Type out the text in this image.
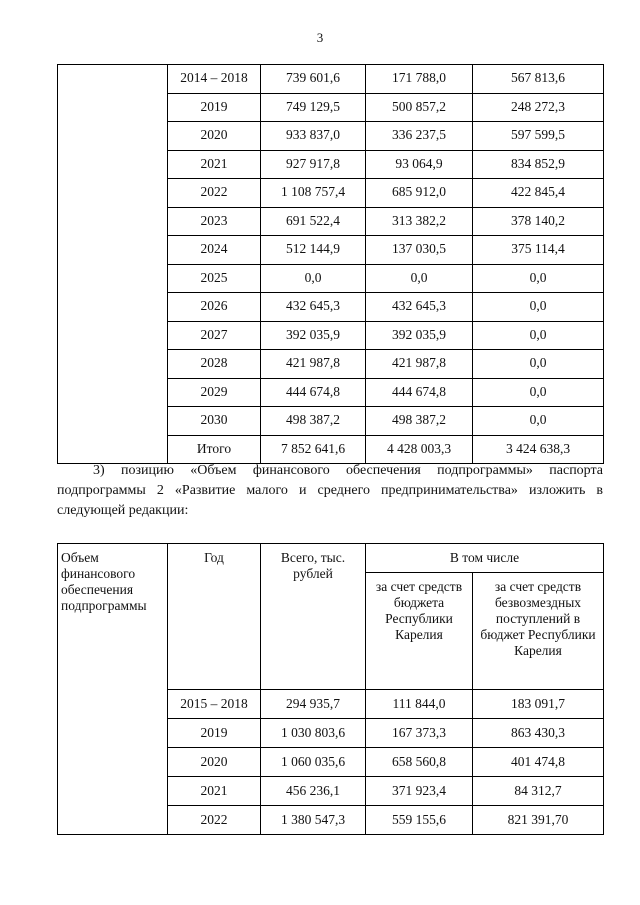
3
	2014 – 2018	739 601,6	171 788,0	567 813,6
	2019	749 129,5	500 857,2	248 272,3
	2020	933 837,0	336 237,5	597 599,5
	2021	927 917,8	93 064,9	834 852,9
	2022	1 108 757,4	685 912,0	422 845,4
	2023	691 522,4	313 382,2	378 140,2
	2024	512 144,9	137 030,5	375 114,4
	2025	0,0	0,0	0,0
	2026	432 645,3	432 645,3	0,0
	2027	392 035,9	392 035,9	0,0
	2028	421 987,8	421 987,8	0,0
	2029	444 674,8	444 674,8	0,0
	2030	498 387,2	498 387,2	0,0
	Итого	7 852 641,6	4 428 003,3	3 424 638,3
3) позицию «Объем финансового обеспечения подпрограммы» паспорта подпрограммы 2 «Развитие малого и среднего предпринимательства» изложить в следующей редакции:
Объем финансового обеспечения подпрограммы	Год	Всего, тыс. рублей	В том числе	

			за счет средств бюджета Республики Карелия	за счет средств безвозмездных поступлений в бюджет Республики Карелия

	2015 – 2018	294 935,7	111 844,0	183 091,7
	2019	1 030 803,6	167 373,3	863 430,3
	2020	1 060 035,6	658 560,8	401 474,8
	2021	456 236,1	371 923,4	84 312,7
	2022	1 380 547,3	559 155,6	821 391,70
